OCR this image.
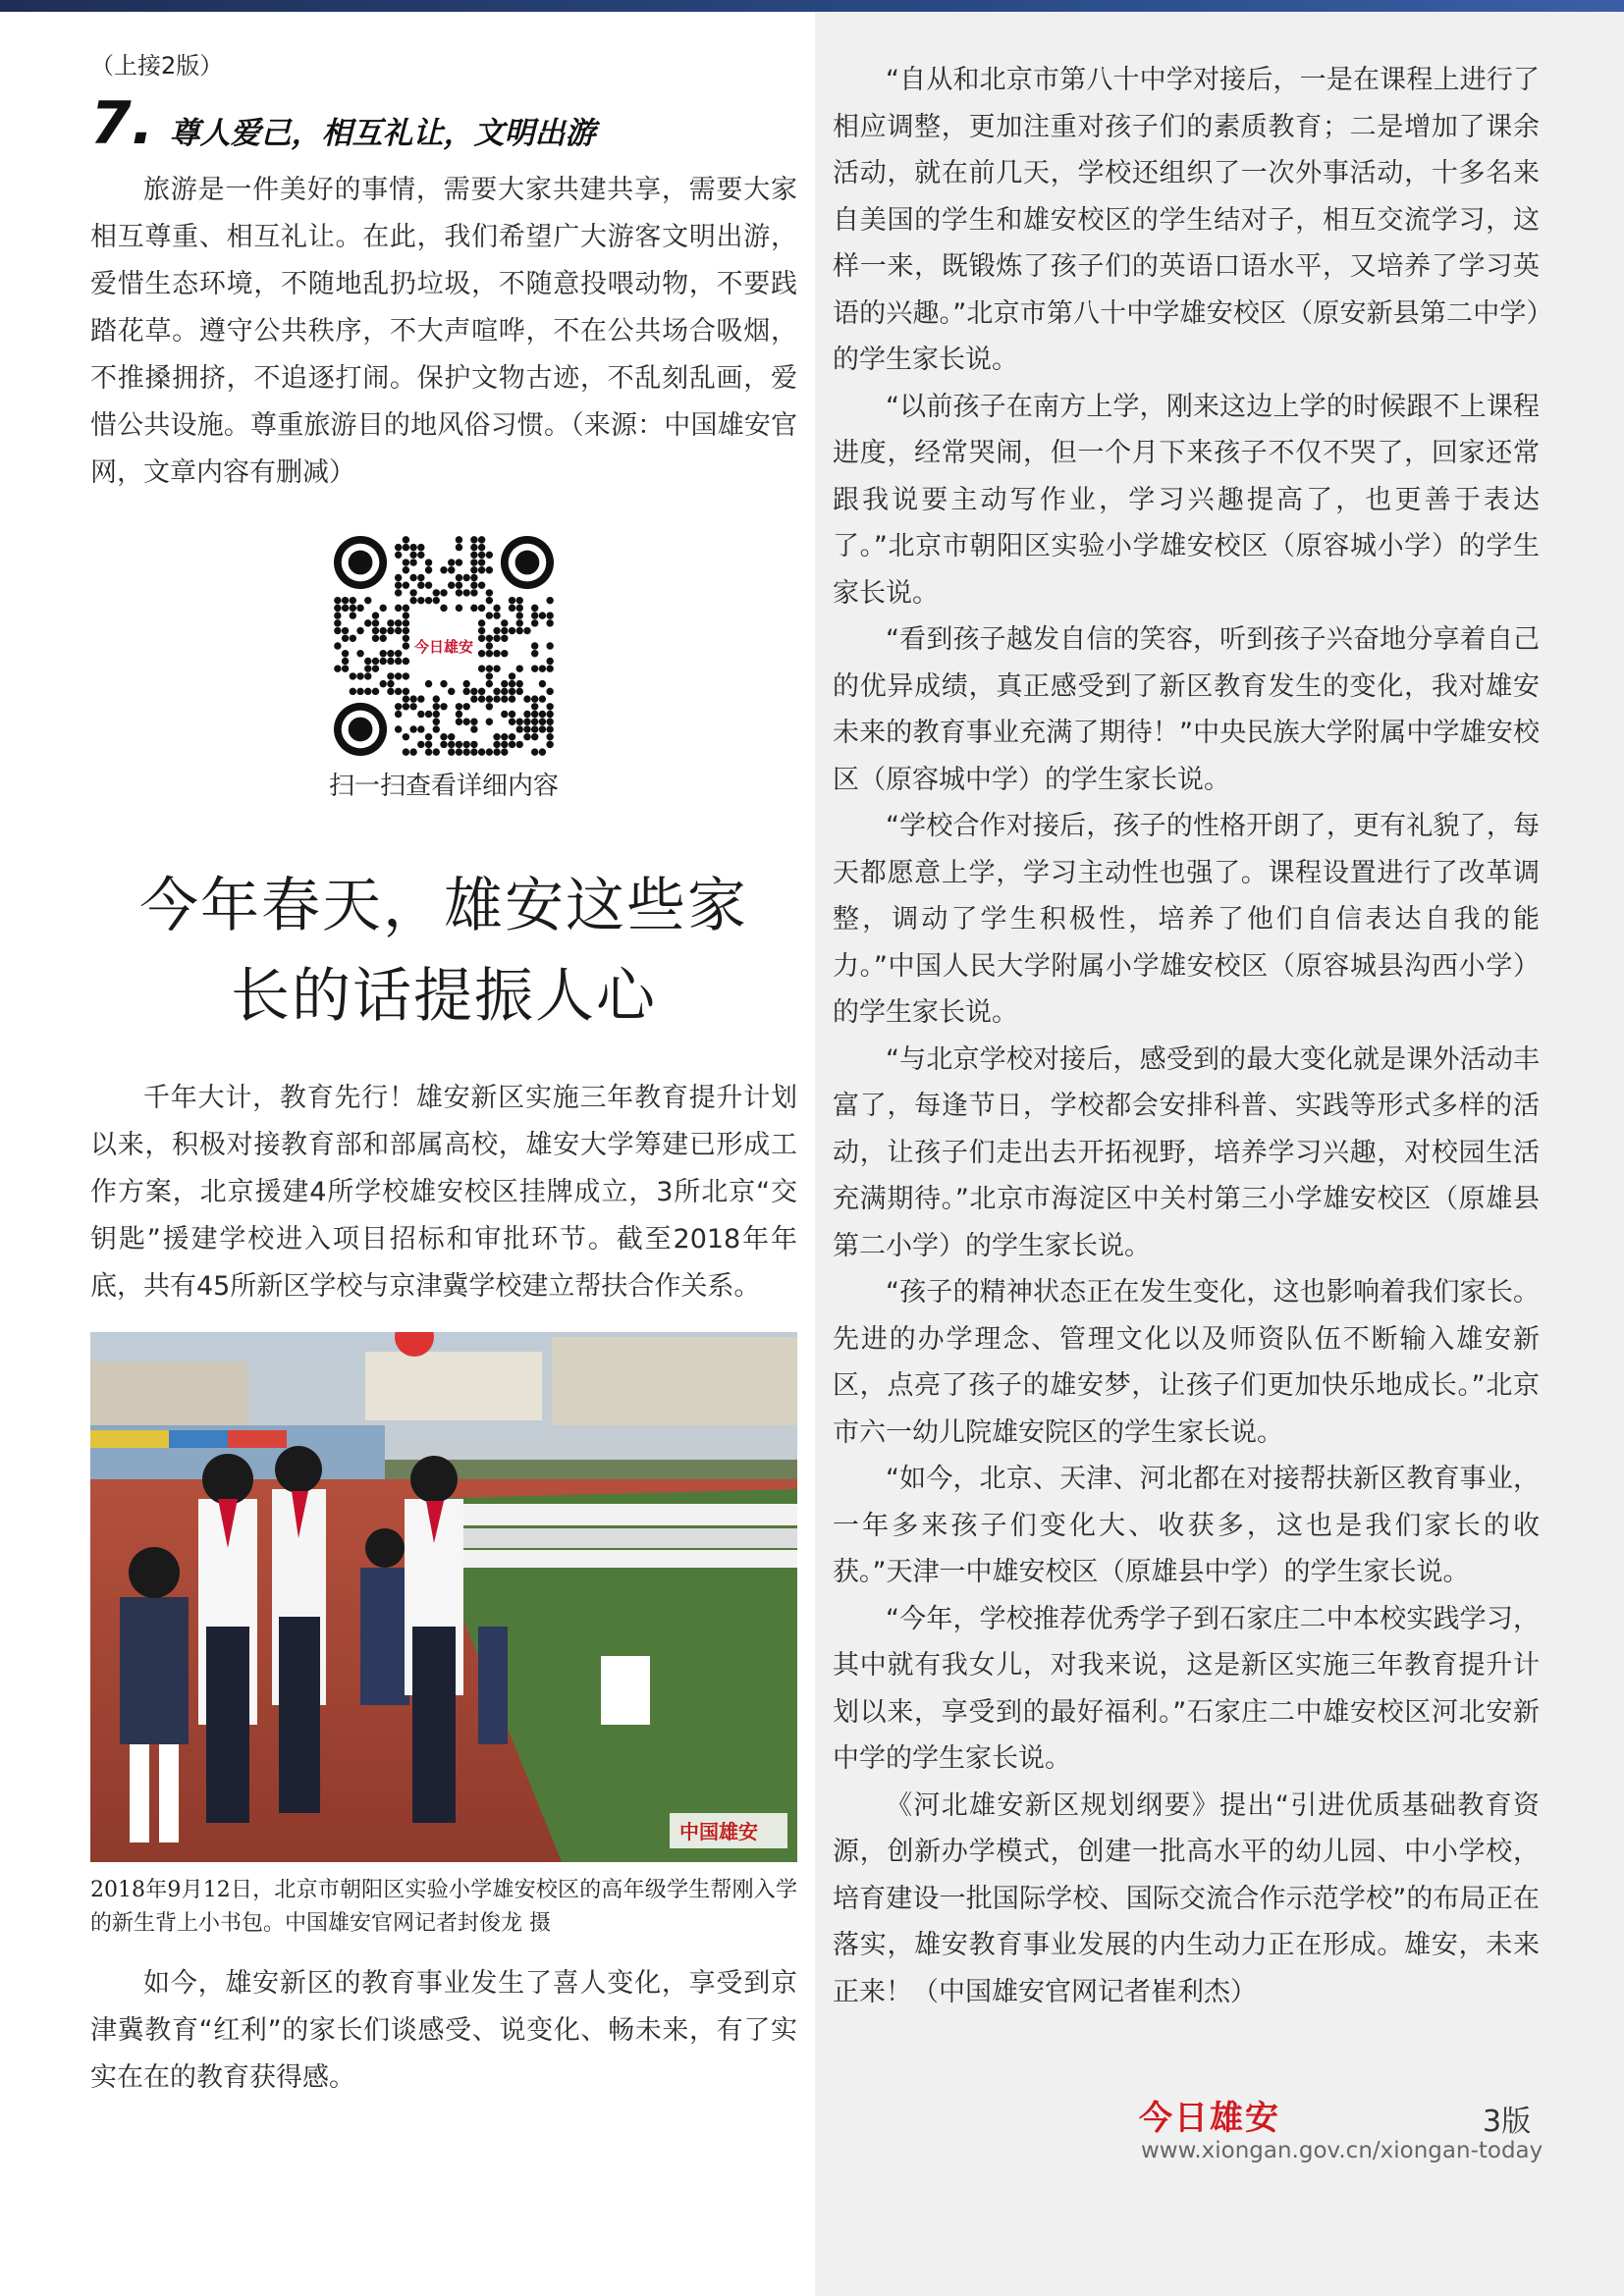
（上接2版）
7. 尊人爱己，相互礼让，文明出游

旅游是一件美好的事情，需要大家共建共享，需要大家相互尊重、相互礼让。在此，我们希望广大游客文明出游，爱惜生态环境，不随地乱扔垃圾，不随意投喂动物，不要践踏花草。遵守公共秩序，不大声喧哗，不在公共场合吸烟，不推搡拥挤，不追逐打闹。保护文物古迹，不乱刻乱画，爱惜公共设施。尊重旅游目的地风俗习惯。（来源：中国雄安官网，文章内容有删减）

今日雄安
扫一扫查看详细内容
今年春天，雄安这些家
长的话提振人心

千年大计，教育先行！雄安新区实施三年教育提升计划以来，积极对接教育部和部属高校，雄安大学筹建已形成工作方案，北京援建4所学校雄安校区挂牌成立，3所北京“交钥匙”援建学校进入项目招标和审批环节。截至2018年年底，共有45所新区学校与京津冀学校建立帮扶合作关系。

中国雄安
2018年9月12日，北京市朝阳区实验小学雄安校区的高年级学生帮刚入学的新生背上小书包。中国雄安官网记者封俊龙 摄

如今，雄安新区的教育事业发生了喜人变化，享受到京津冀教育“红利”的家长们谈感受、说变化、畅未来，有了实实在在的教育获得感。

“自从和北京市第八十中学对接后，一是在课程上进行了相应调整，更加注重对孩子们的素质教育；二是增加了课余活动，就在前几天，学校还组织了一次外事活动，十多名来自美国的学生和雄安校区的学生结对子，相互交流学习，这样一来，既锻炼了孩子们的英语口语水平，又培养了学习英语的兴趣。”北京市第八十中学雄安校区（原安新县第二中学）的学生家长说。

“以前孩子在南方上学，刚来这边上学的时候跟不上课程进度，经常哭闹，但一个月下来孩子不仅不哭了，回家还常跟我说要主动写作业，学习兴趣提高了，也更善于表达了。”北京市朝阳区实验小学雄安校区（原容城小学）的学生家长说。

“看到孩子越发自信的笑容，听到孩子兴奋地分享着自己的优异成绩，真正感受到了新区教育发生的变化，我对雄安未来的教育事业充满了期待！”中央民族大学附属中学雄安校区（原容城中学）的学生家长说。

“学校合作对接后，孩子的性格开朗了，更有礼貌了，每天都愿意上学，学习主动性也强了。课程设置进行了改革调整，调动了学生积极性，培养了他们自信表达自我的能力。”中国人民大学附属小学雄安校区（原容城县沟西小学）的学生家长说。

“与北京学校对接后，感受到的最大变化就是课外活动丰富了，每逢节日，学校都会安排科普、实践等形式多样的活动，让孩子们走出去开拓视野，培养学习兴趣，对校园生活充满期待。”北京市海淀区中关村第三小学雄安校区（原雄县第二小学）的学生家长说。

“孩子的精神状态正在发生变化，这也影响着我们家长。先进的办学理念、管理文化以及师资队伍不断输入雄安新区，点亮了孩子的雄安梦，让孩子们更加快乐地成长。”北京市六一幼儿院雄安院区的学生家长说。

“如今，北京、天津、河北都在对接帮扶新区教育事业，一年多来孩子们变化大、收获多，这也是我们家长的收获。”天津一中雄安校区（原雄县中学）的学生家长说。

“今年，学校推荐优秀学子到石家庄二中本校实践学习，其中就有我女儿，对我来说，这是新区实施三年教育提升计划以来，享受到的最好福利。”石家庄二中雄安校区河北安新中学的学生家长说。

《河北雄安新区规划纲要》提出“引进优质基础教育资源，创新办学模式，创建一批高水平的幼儿园、中小学校，培育建设一批国际学校、国际交流合作示范学校”的布局正在落实，雄安教育事业发展的内生动力正在形成。雄安，未来正来！（中国雄安官网记者崔利杰）

今日雄安	3版
www.xiongan.gov.cn/xiongan-today
